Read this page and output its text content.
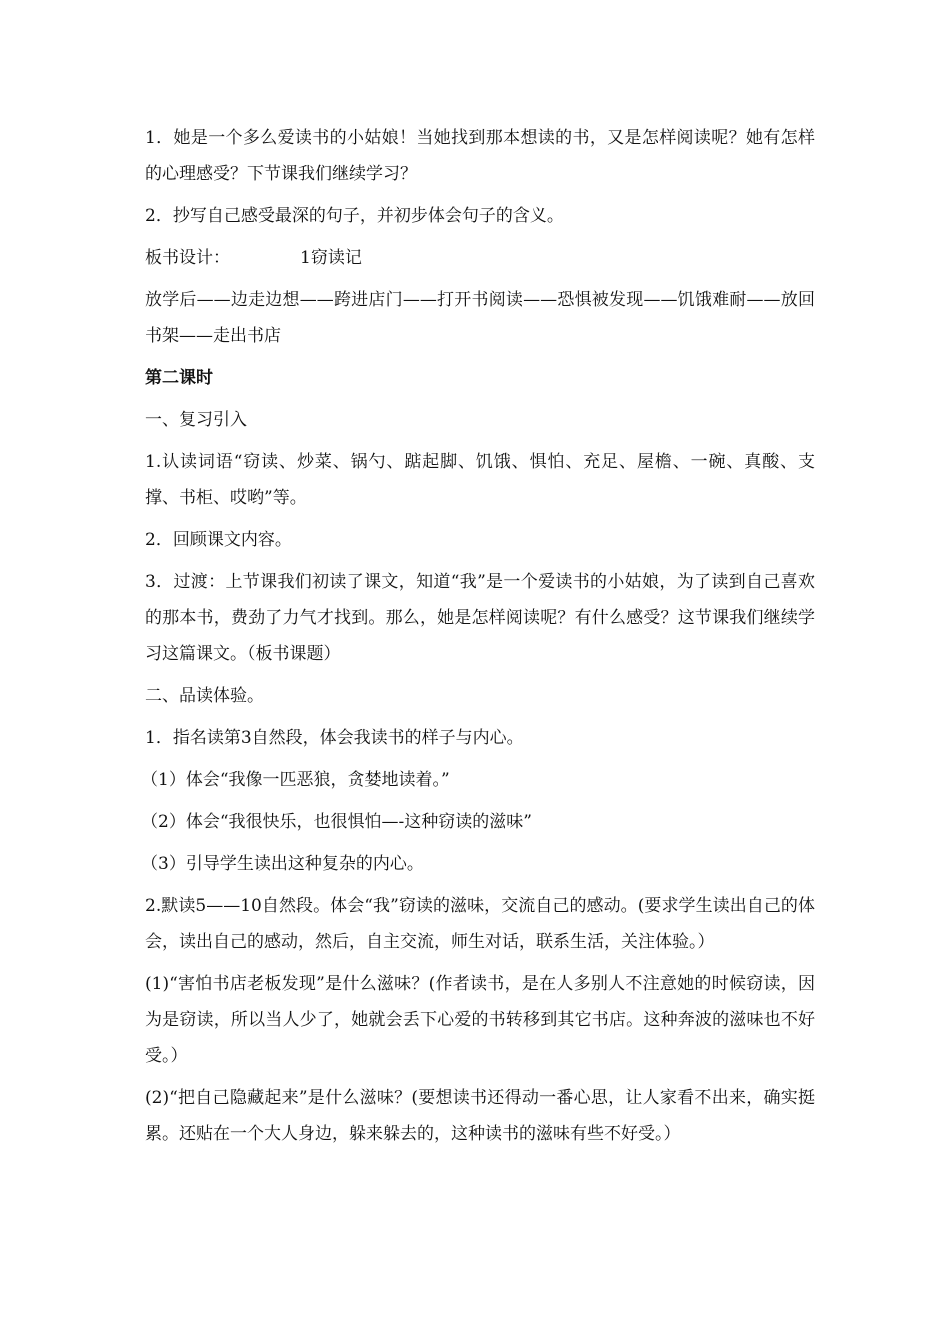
1．她是一个多么爱读书的小姑娘！当她找到那本想读的书，又是怎样阅读呢？她有怎样的心理感受？下节课我们继续学习？

2．抄写自己感受最深的句子，并初步体会句子的含义。

板书设计：	1窃读记

放学后——边走边想——跨进店门——打开书阅读——恐惧被发现——饥饿难耐——放回书架——走出书店

第二课时

一、复习引入

1.认读词语“窃读、炒菜、锅勺、踮起脚、饥饿、惧怕、充足、屋檐、一碗、真酸、支撑、书柜、哎哟”等。

2．回顾课文内容。

3．过渡：上节课我们初读了课文，知道“我”是一个爱读书的小姑娘，为了读到自己喜欢的那本书，费劲了力气才找到。那么，她是怎样阅读呢？有什么感受？这节课我们继续学习这篇课文。（板书课题）

二、品读体验。

1．指名读第3自然段，体会我读书的样子与内心。

（1）体会“我像一匹恶狼，贪婪地读着。”

（2）体会“我很快乐，也很惧怕—-这种窃读的滋味”

（3）引导学生读出这种复杂的内心。

2.默读5——10自然段。体会“我”窃读的滋味，交流自己的感动。(要求学生读出自己的体会，读出自己的感动，然后，自主交流，师生对话，联系生活，关注体验。）

(1)“害怕书店老板发现”是什么滋味？(作者读书，是在人多别人不注意她的时候窃读，因为是窃读，所以当人少了，她就会丢下心爱的书转移到其它书店。这种奔波的滋味也不好受。）

(2)“把自己隐藏起来”是什么滋味？(要想读书还得动一番心思，让人家看不出来，确实挺累。还贴在一个大人身边，躲来躲去的，这种读书的滋味有些不好受。）
